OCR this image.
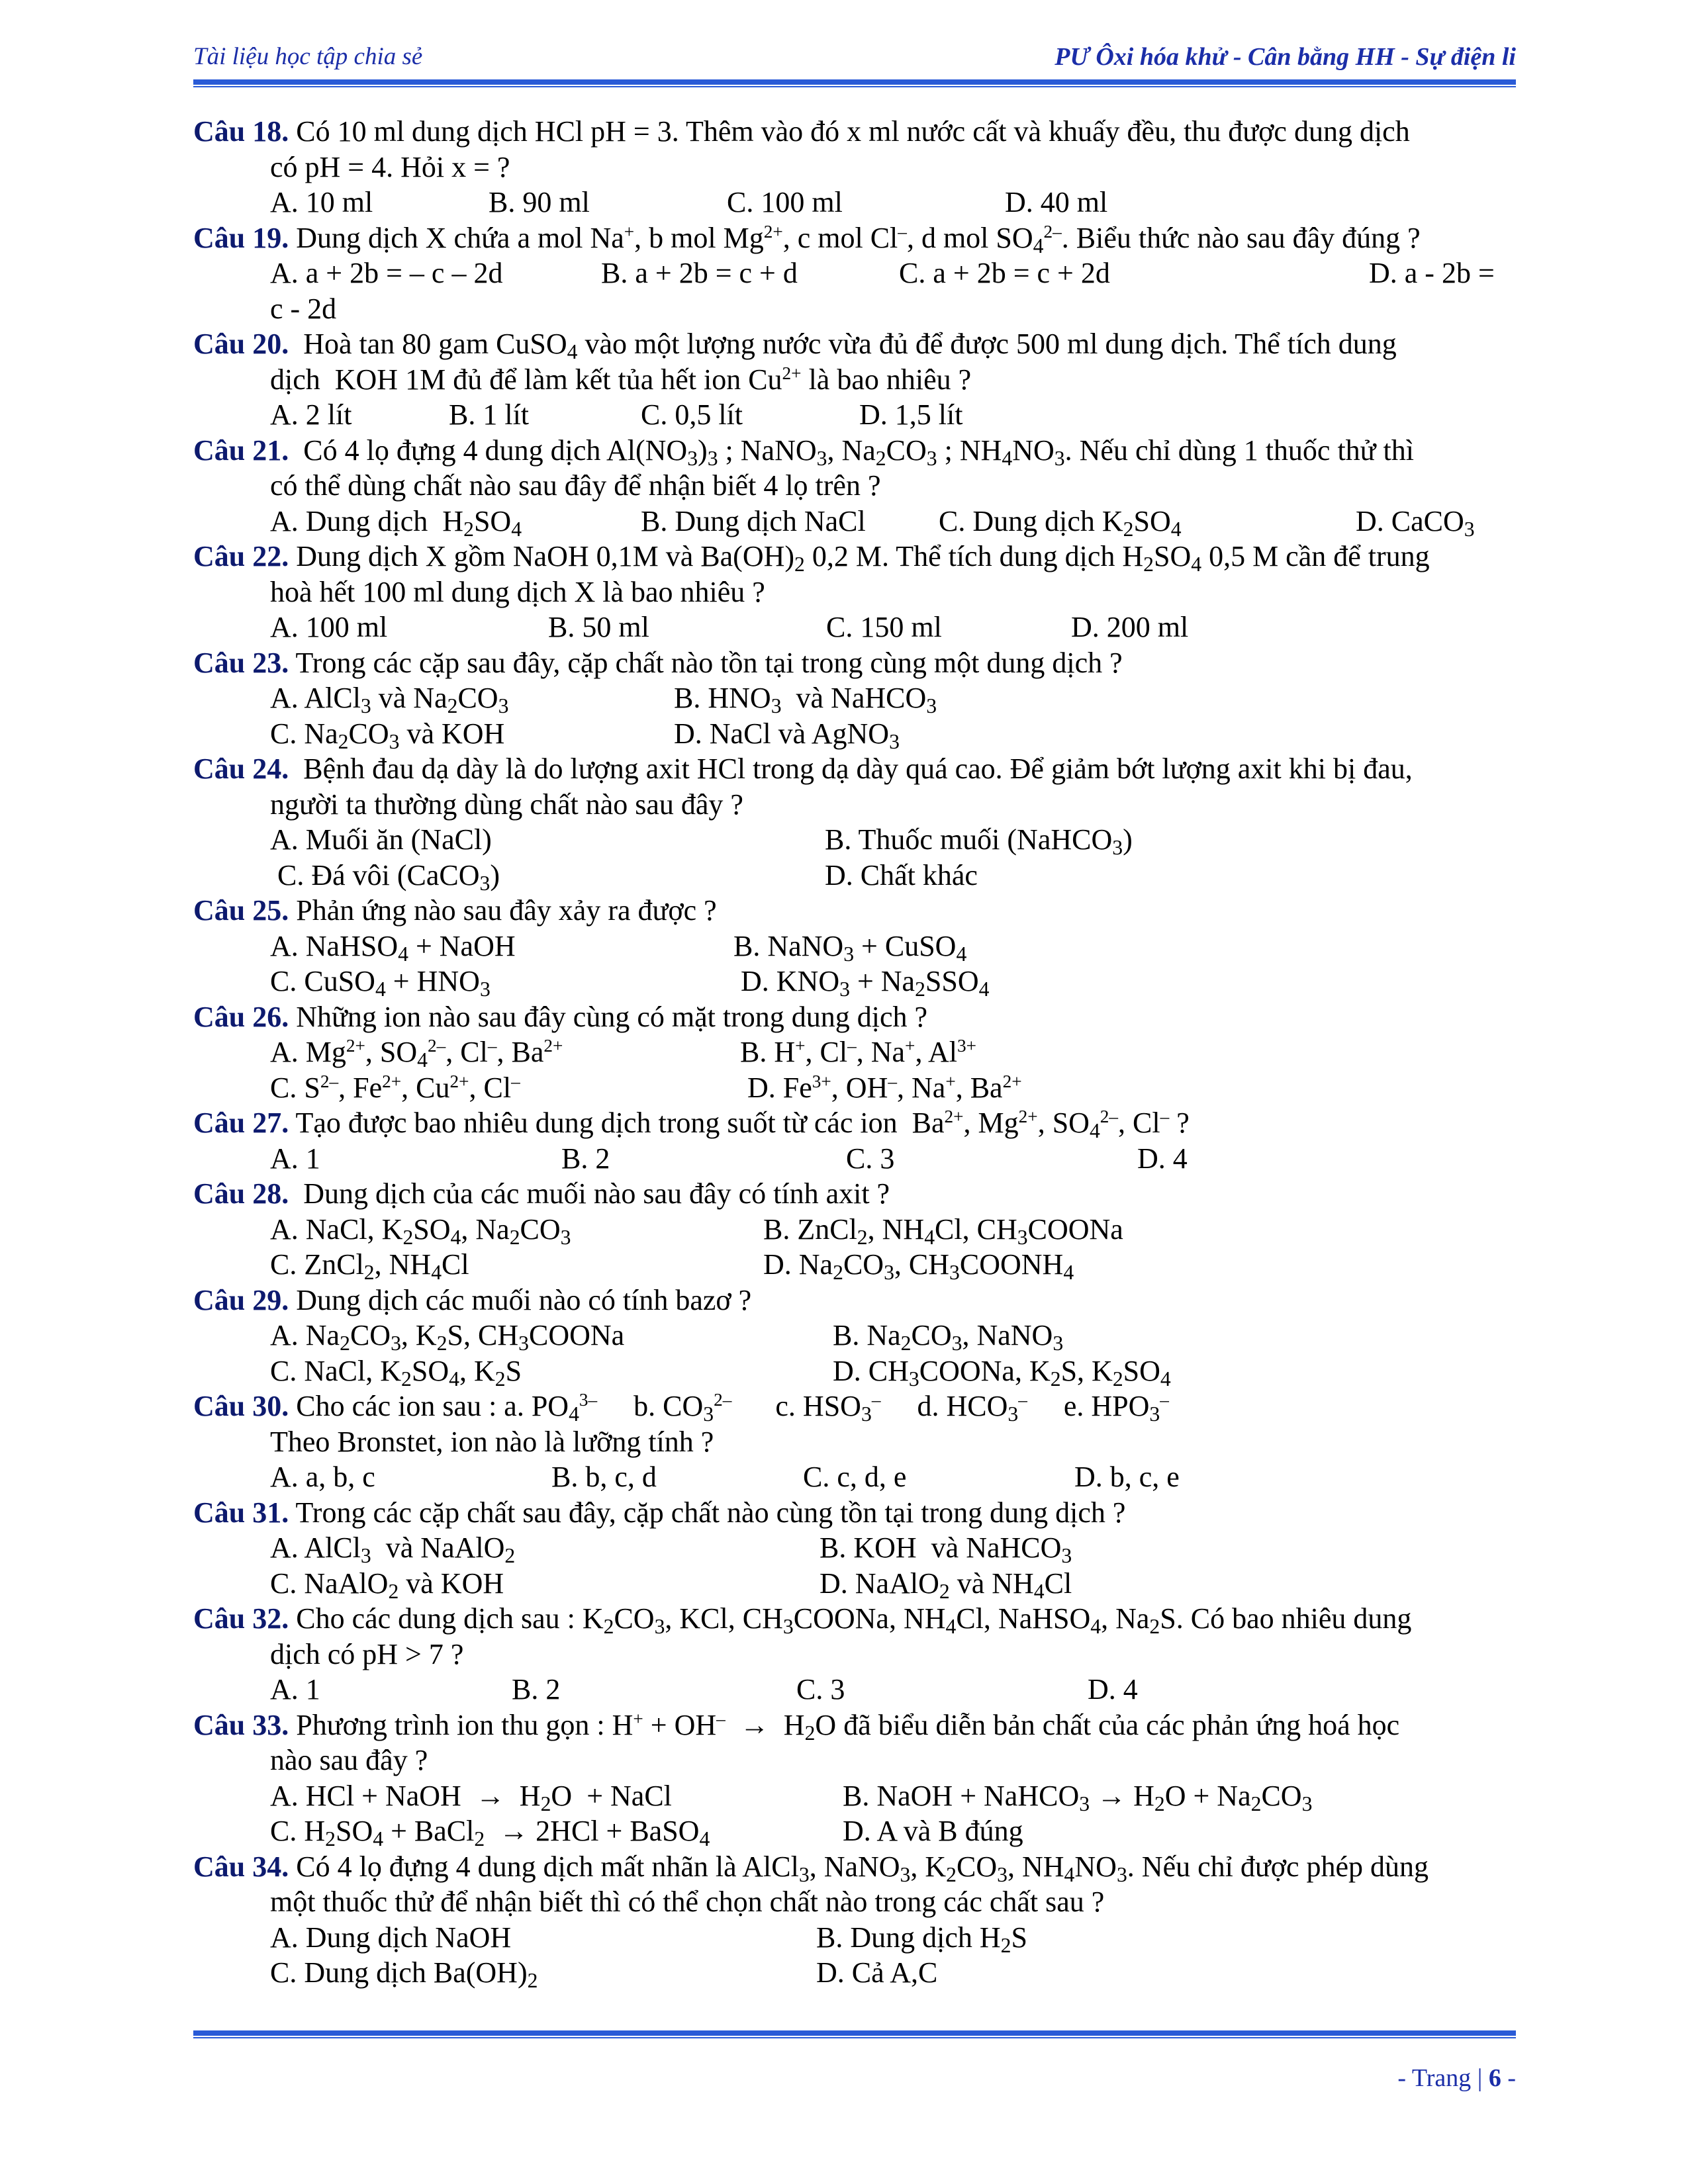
Tài liệu học tập chia sẻ	PƯ Ôxi hóa khử - Cân bằng HH - Sự điện li
Câu 18. Có 10 ml dung dịch HCl pH = 3. Thêm vào đó x ml nước cất và khuấy đều, thu được dung dịch
có pH = 4. Hỏi x = ?
A. 10 ml	B. 90 ml	C. 100 ml	D. 40 ml
Câu 19. Dung dịch X chứa a mol Na+, b mol $Mg^{2+}$, c mol Cl–, d mol $SO_4^{2-}$. Biểu thức nào sau đây đúng ?
A. a + 2b = – c – 2d	B. a + 2b = c + d	C. a + 2b = c + 2d	D. a - 2b =
c - 2d
Câu 20.  Hoà tan 80 gam CuSO$_4$ vào một lượng nước vừa đủ để được 500 ml dung dịch. Thể tích dung
dịch  KOH 1M đủ để làm kết tủa hết ion $Cu^{2+}$ là bao nhiêu ?
A. 2 lít	B. 1 lít	C. 0,5 lít	D. 1,5 lít
Câu 21.  Có 4 lọ đựng 4 dung dịch $Al(NO_3)_3$ ; NaNO$_3$, $Na_2CO_3$ ; $NH_4NO_3$. Nếu chỉ dùng 1 thuốc thử thì
có thể dùng chất nào sau đây để nhận biết 4 lọ trên ?
A. Dung dịch  $H_2SO_4$	B. Dung dịch NaCl	C. Dung dịch $K_2SO_4$	D. CaCO$_3$
Câu 22. Dung dịch X gồm NaOH 0,1M và $Ba(OH)_2$ 0,2 M. Thể tích dung dịch $H_2SO_4$ 0,5 M cần để trung
hoà hết 100 ml dung dịch X là bao nhiêu ?
A. 100 ml	B. 50 ml	C. 150 ml	D. 200 ml
Câu 23. Trong các cặp sau đây, cặp chất nào tồn tại trong cùng một dung dịch ?
A. AlCl$_3$ và $Na_2CO_3$	B. $HNO_3$  và NaHCO$_3$
C. $Na_2CO_3$ và KOH	D. NaCl và AgNO$_3$
Câu 24.  Bệnh đau dạ dày là do lượng axit HCl trong dạ dày quá cao. Để giảm bớt lượng axit khi bị đau,
người ta thường dùng chất nào sau đây ?
A. Muối ăn (NaCl)	B. Thuốc muối (NaHCO$_3$)
C. Đá vôi (CaCO$_3$)	D. Chất khác
Câu 25. Phản ứng nào sau đây xảy ra được ?
A. NaHSO$_4$ + NaOH	B. NaNO$_3$ + CuSO$_4$
C. CuSO$_4$ + $HNO_3$	D. $KNO_3 + Na_2SSO_4$
Câu 26. Những ion nào sau đây cùng có mặt trong dung dịch ?
A. $Mg^{2+}$, $SO_4^{2-}$, Cl–, $Ba^{2+}$	B. H+, Cl–, Na+, $Al^{3+}$
C. $S^{2-}$, $Fe^{2+}$, $Cu^{2+}$, Cl–	D. $Fe^{3+}$, OH–, Na+, $Ba^{2+}$
Câu 27. Tạo được bao nhiêu dung dịch trong suốt từ các ion  $Ba^{2+}$, $Mg^{2+}$, $SO_4^{2-}$, Cl– ?
A. 1	B. 2	C. 3	D. 4
Câu 28.  Dung dịch của các muối nào sau đây có tính axit ?
A. NaCl, $K_2SO_4$, $Na_2CO_3$	B. ZnCl$_2$, $NH_4Cl$, $CH_3COONa$
C. ZnCl$_2$, $NH_4Cl$	D. $Na_2CO_3$, $CH_3COONH_4$
Câu 29. Dung dịch các muối nào có tính bazơ ?
A. $Na_2CO_3$, $K_2S$, $CH_3COONa$	B. $Na_2CO_3$, NaNO$_3$
C. NaCl, $K_2SO_4$, $K_2S$	D. $CH_3COONa$, $K_2S$, $K_2SO_4$
Câu 30. Cho các ion sau : a. $PO_4^{3-}$     b. $CO_3^{2-}$      c. $HSO_3^-$     d. $HCO_3^-$     e. $HPO_3^-$
Theo Bronstet, ion nào là lưỡng tính ?
A. a, b, c	B. b, c, d	C. c, d, e	D. b, c, e
Câu 31. Trong các cặp chất sau đây, cặp chất nào cùng tồn tại trong dung dịch ?
A. AlCl$_3$  và NaAlO$_2$	B. KOH  và NaHCO$_3$
C. NaAlO$_2$ và KOH	D. NaAlO$_2$ và $NH_4Cl$
Câu 32. Cho các dung dịch sau : $K_2CO_3$, KCl, $CH_3COONa$, $NH_4Cl$, NaHSO$_4$, $Na_2S$. Có bao nhiêu dung
dịch có pH > 7 ?
A. 1	B. 2	C. 3	D. 4
Câu 33. Phương trình ion thu gọn : $H^+ + OH^- \to H_2O$ đã biểu diễn bản chất của các phản ứng hoá học
nào sau đây ?
A. HCl + NaOH  →  $H_2O$  + NaCl	B. NaOH + NaHCO$_3$ → $H_2O + Na_2CO_3$
C. $H_2SO_4$ + BaCl$_2$  → 2HCl + BaSO$_4$	D. A và B đúng
Câu 34. Có 4 lọ đựng 4 dung dịch mất nhãn là AlCl$_3$, NaNO$_3$, $K_2CO_3$, $NH_4NO_3$. Nếu chỉ được phép dùng
một thuốc thử để nhận biết thì có thể chọn chất nào trong các chất sau ?
A. Dung dịch NaOH	B. Dung dịch $H_2S$
C. Dung dịch $Ba(OH)_2$	D. Cả A,C
- Trang | 6 -
